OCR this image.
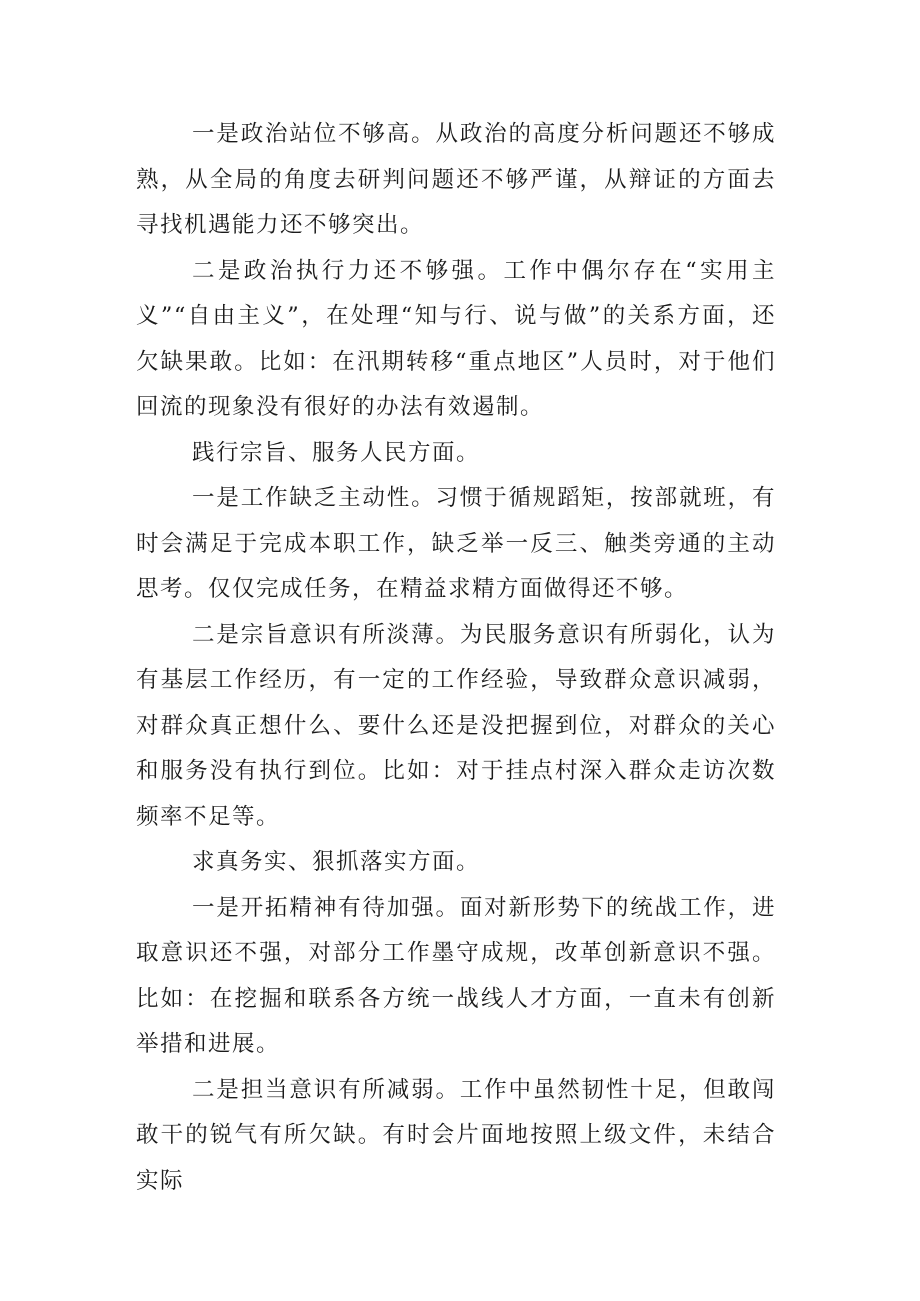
一是政治站位不够高。从政治的高度分析问题还不够成熟，从全局的角度去研判问题还不够严谨，从辩证的方面去寻找机遇能力还不够突出。

二是政治执行力还不够强。工作中偶尔存在“实用主义”“自由主义”，在处理“知与行、说与做”的关系方面，还欠缺果敢。比如：在汛期转移“重点地区”人员时，对于他们回流的现象没有很好的办法有效遏制。

践行宗旨、服务人民方面。

一是工作缺乏主动性。习惯于循规蹈矩，按部就班，有时会满足于完成本职工作，缺乏举一反三、触类旁通的主动思考。仅仅完成任务，在精益求精方面做得还不够。

二是宗旨意识有所淡薄。为民服务意识有所弱化，认为有基层工作经历，有一定的工作经验，导致群众意识减弱，对群众真正想什么、要什么还是没把握到位，对群众的关心和服务没有执行到位。比如：对于挂点村深入群众走访次数频率不足等。

求真务实、狠抓落实方面。

一是开拓精神有待加强。面对新形势下的统战工作，进取意识还不强，对部分工作墨守成规，改革创新意识不强。比如：在挖掘和联系各方统一战线人才方面，一直未有创新举措和进展。

二是担当意识有所减弱。工作中虽然韧性十足，但敢闯敢干的锐气有所欠缺。有时会片面地按照上级文件，未结合实际
